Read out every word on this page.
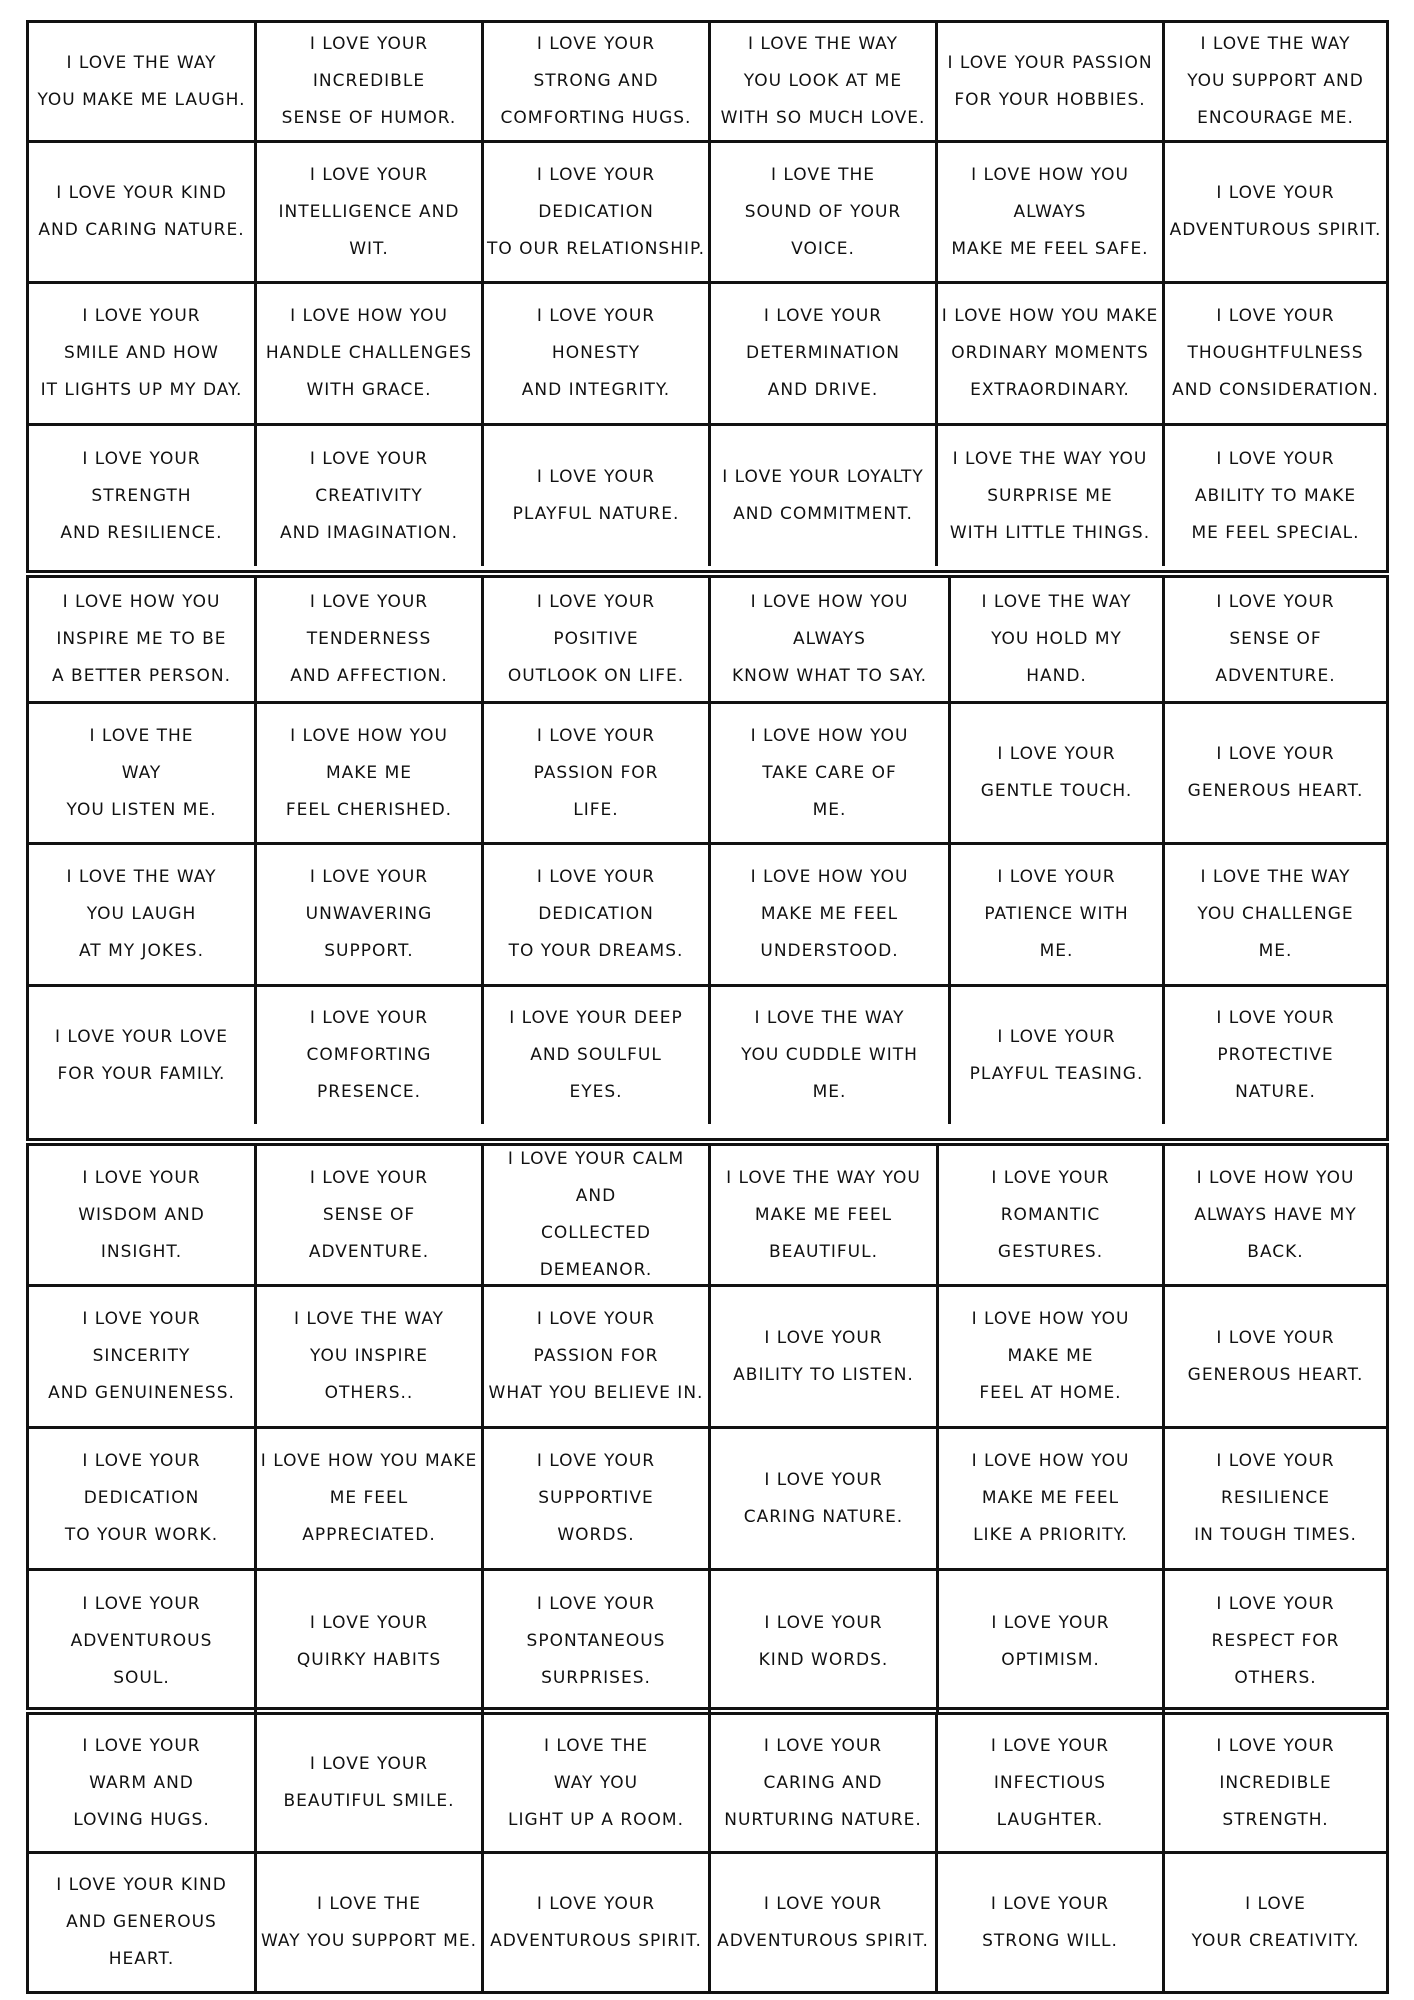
I LOVE THE WAY
YOU MAKE ME LAUGH.
I LOVE YOUR
INCREDIBLE
SENSE OF HUMOR.
I LOVE YOUR
STRONG AND
COMFORTING HUGS.
I LOVE THE WAY
YOU LOOK AT ME
WITH SO MUCH LOVE.
I LOVE YOUR PASSION
FOR YOUR HOBBIES.
I LOVE THE WAY
YOU SUPPORT AND
ENCOURAGE ME.
I LOVE YOUR KIND
AND CARING NATURE.
I LOVE YOUR
INTELLIGENCE AND WIT.
I LOVE YOUR
DEDICATION
TO OUR RELATIONSHIP.
I LOVE THE
SOUND OF YOUR VOICE.
I LOVE HOW YOU
ALWAYS
MAKE ME FEEL SAFE.
I LOVE YOUR
ADVENTUROUS SPIRIT.
I LOVE YOUR
SMILE AND HOW
IT LIGHTS UP MY DAY.
I LOVE HOW YOU
HANDLE CHALLENGES
WITH GRACE.
I LOVE YOUR
HONESTY
AND INTEGRITY.
I LOVE YOUR
DETERMINATION
AND DRIVE.
I LOVE HOW YOU MAKE
ORDINARY MOMENTS
EXTRAORDINARY.
I LOVE YOUR
THOUGHTFULNESS
AND CONSIDERATION.
I LOVE YOUR STRENGTH
AND RESILIENCE.
I LOVE YOUR
CREATIVITY
AND IMAGINATION.
I LOVE YOUR
PLAYFUL NATURE.
I LOVE YOUR LOYALTY
AND COMMITMENT.
I LOVE THE WAY YOU
SURPRISE ME
WITH LITTLE THINGS.
I LOVE YOUR
ABILITY TO MAKE
ME FEEL SPECIAL.
I LOVE HOW YOU
INSPIRE ME TO BE
A BETTER PERSON.
I LOVE YOUR
TENDERNESS
AND AFFECTION.
I LOVE YOUR
POSITIVE
OUTLOOK ON LIFE.
I LOVE HOW YOU
ALWAYS
KNOW WHAT TO SAY.
I LOVE THE WAY
YOU HOLD MY
HAND.
I LOVE YOUR
SENSE OF
ADVENTURE.
I LOVE THE
WAY
YOU LISTEN ME.
I LOVE HOW YOU
MAKE ME
FEEL CHERISHED.
I LOVE YOUR
PASSION FOR
LIFE.
I LOVE HOW YOU
TAKE CARE OF
ME.
I LOVE YOUR
GENTLE TOUCH.
I LOVE YOUR
GENEROUS HEART.
I LOVE THE WAY
YOU LAUGH
AT MY JOKES.
I LOVE YOUR
UNWAVERING
SUPPORT.
I LOVE YOUR
DEDICATION
TO YOUR DREAMS.
I LOVE HOW YOU
MAKE ME FEEL
UNDERSTOOD.
I LOVE YOUR
PATIENCE WITH
ME.
I LOVE THE WAY
YOU CHALLENGE
ME.
I LOVE YOUR LOVE
FOR YOUR FAMILY.
I LOVE YOUR
COMFORTING
PRESENCE.
I LOVE YOUR DEEP
AND SOULFUL
EYES.
I LOVE THE WAY
YOU CUDDLE WITH
ME.
I LOVE YOUR
PLAYFUL TEASING.
I LOVE YOUR
PROTECTIVE
NATURE.
I LOVE YOUR
WISDOM AND
INSIGHT.
I LOVE YOUR
SENSE OF
ADVENTURE.
I LOVE YOUR CALM
AND
COLLECTED DEMEANOR.
I LOVE THE WAY YOU
MAKE ME FEEL
BEAUTIFUL.
I LOVE YOUR
ROMANTIC
GESTURES.
I LOVE HOW YOU
ALWAYS HAVE MY
BACK.
I LOVE YOUR
SINCERITY
AND GENUINENESS.
I LOVE THE WAY
YOU INSPIRE
OTHERS..
I LOVE YOUR
PASSION FOR
WHAT YOU BELIEVE IN.
I LOVE YOUR
ABILITY TO LISTEN.
I LOVE HOW YOU
MAKE ME
FEEL AT HOME.
I LOVE YOUR
GENEROUS HEART.
I LOVE YOUR
DEDICATION
TO YOUR WORK.
I LOVE HOW YOU MAKE
ME FEEL
APPRECIATED.
I LOVE YOUR
SUPPORTIVE
WORDS.
I LOVE YOUR
CARING NATURE.
I LOVE HOW YOU
MAKE ME FEEL
LIKE A PRIORITY.
I LOVE YOUR
RESILIENCE
IN TOUGH TIMES.
I LOVE YOUR
ADVENTUROUS
SOUL.
I LOVE YOUR
QUIRKY HABITS
I LOVE YOUR
SPONTANEOUS
SURPRISES.
I LOVE YOUR
KIND WORDS.
I LOVE YOUR
OPTIMISM.
I LOVE YOUR
RESPECT FOR
OTHERS.
I LOVE YOUR
WARM AND
LOVING HUGS.
I LOVE YOUR
BEAUTIFUL SMILE.
I LOVE THE
WAY YOU
LIGHT UP A ROOM.
I LOVE YOUR
CARING AND
NURTURING NATURE.
I LOVE YOUR
INFECTIOUS
LAUGHTER.
I LOVE YOUR
INCREDIBLE
STRENGTH.
I LOVE YOUR KIND
AND GENEROUS HEART.
I LOVE THE
WAY YOU SUPPORT ME.
I LOVE YOUR
ADVENTUROUS SPIRIT.
I LOVE YOUR
ADVENTUROUS SPIRIT.
I LOVE YOUR
STRONG WILL.
I LOVE
YOUR CREATIVITY.
